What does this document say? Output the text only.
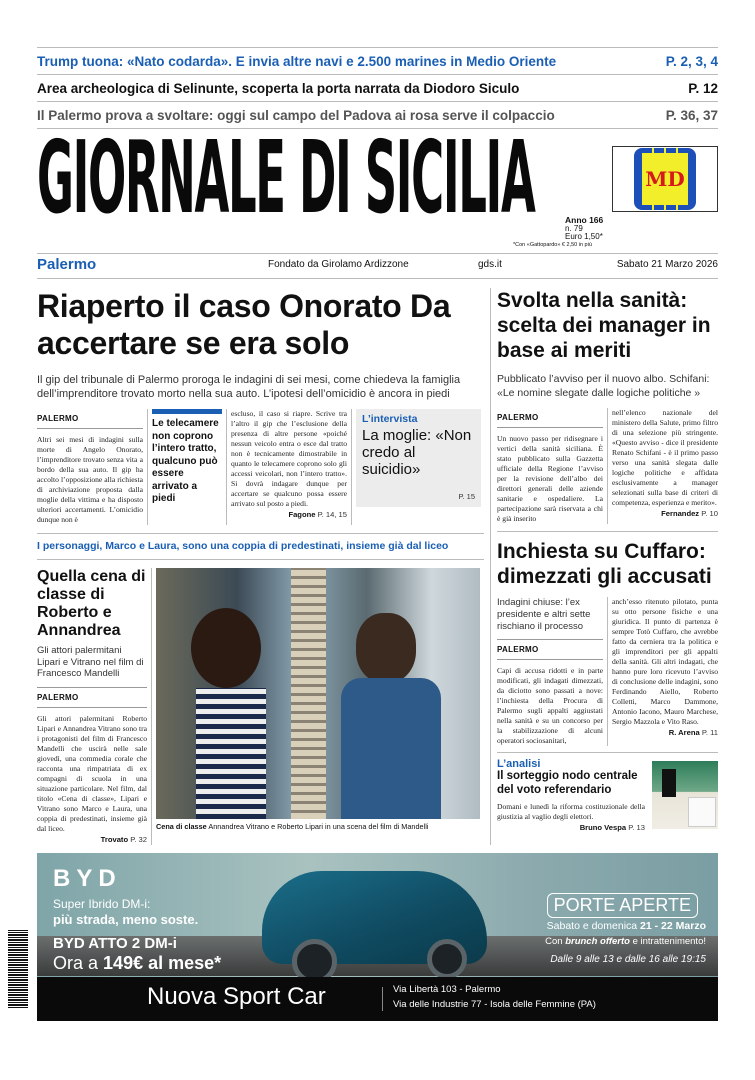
Trump tuona: «Nato codarda». E invia altre navi e 2.500 marines in Medio Oriente	P. 2, 3, 4
Area archeologica di Selinunte, scoperta la porta narrata da Diodoro Siculo	P. 12
Il Palermo prova a svoltare: oggi sul campo del Padova ai rosa serve il colpaccio	P. 36, 37
GIORNALE DI SICILIA	MD
Anno 166
n. 79
Euro 1,50*
*Con «Gattopardo» € 2,50 in più
Palermo	Fondato da Girolamo Ardizzone	gds.it	Sabato 21 Marzo 2026
Riaperto il caso Onorato Da accertare se era solo
Il gip del tribunale di Palermo proroga le indagini di sei mesi, come chiedeva la famiglia dell’imprenditore trovato morto nella sua auto. L’ipotesi dell’omicidio è ancora in piedi
PALERMO
Altri sei mesi di indagini sulla morte di Angelo Onorato, l’imprenditore trovato senza vita a bordo della sua auto. Il gip ha accolto l’opposizione alla richiesta di archiviazione proposta dalla moglie della vittima e ha disposto ulteriori accertamenti. L’omicidio dunque non è
Le telecamere non coprono l’intero tratto, qualcuno può essere arrivato a piedi
escluso, il caso si riapre. Scrive tra l’altro il gip che l’esclusione della presenza di altre persone «poiché nessun veicolo entra o esce dal tratto non è tecnicamente dimostrabile in quanto le telecamere coprono solo gli accessi veicolari, non l’intero tratto». Si dovrà indagare dunque per accertare se qualcuno possa essere arrivato sul posto a piedi.
Fagone P. 14, 15
L’intervista
La moglie: «Non credo al suicidio»
P. 15
I personaggi, Marco e Laura, sono una coppia di predestinati, insieme già dal liceo
Quella cena di classe di Roberto e Annandrea
Gli attori palermitani Lipari e Vitrano nel film di Francesco Mandelli
PALERMO
Gli attori palermitani Roberto Lipari e Annandrea Vitrano sono tra i protagonisti del film di Francesco Mandelli che uscirà nelle sale giovedì, una commedia corale che racconta una rimpatriata di ex compagni di scuola in una situazione particolare. Nel film, dal titolo «Cena di classe», Lipari e Vitrano sono Marco e Laura, una coppia di predestinati, insieme già dal liceo.
Trovato P. 32
Cena di classe Annandrea Vitrano e Roberto Lipari in una scena del film di Mandelli
Svolta nella sanità: scelta dei manager in base ai meriti
Pubblicato l’avviso per il nuovo albo. Schifani: «Le nomine slegate dalle logiche politiche »
PALERMO
Un nuovo passo per ridisegnare i vertici della sanità siciliana. È stato pubblicato sulla Gazzetta ufficiale della Regione l’avviso per la revisione dell’albo dei direttori generali delle aziende sanitarie e ospedaliere. La partecipazione sarà riservata a chi è già inserito
nell’elenco nazionale del ministero della Salute, primo filtro di una selezione più stringente. «Questo avviso - dice il presidente Renato Schifani - è il primo passo verso una sanità slegata dalle logiche politiche e affidata esclusivamente a manager selezionati sulla base di criteri di competenza, esperienza e merito».
Fernandez P. 10
Inchiesta su Cuffaro: dimezzati gli accusati
Indagini chiuse: l’ex presidente e altri sette rischiano il processo
PALERMO
Capi di accusa ridotti e in parte modificati, gli indagati dimezzati, da diciotto sono passati a nove: l’inchiesta della Procura di Palermo sugli appalti aggiustati nella sanità e su un concorso per la stabilizzazione di alcuni operatori sociosanitari,
anch’esso ritenuto pilotato, punta su otto persone fisiche e una giuridica. Il punto di partenza è sempre Totò Cuffaro, che avrebbe fatto da cerniera tra la politica e gli imprenditori per gli appalti della sanità. Gli altri indagati, che hanno pure loro ricevuto l’avviso di conclusione delle indagini, sono Ferdinando Aiello, Roberto Colletti, Marco Dammone, Antonio Iacono, Mauro Marchese, Sergio Mazzola e Vito Raso.
R. Arena P. 11
L’analisi
Il sorteggio nodo centrale del voto referendario
Domani e lunedì la riforma costituzionale della giustizia al vaglio degli elettori.
Bruno Vespa P. 13
BYD
Super Ibrido DM-i:
più strada, meno soste.
BYD ATTO 2 DM-i
Ora a 149€ al mese*
PORTE APERTE
Sabato e domenica 21 - 22 Marzo
Con brunch offerto e intrattenimento!
Dalle 9 alle 13 e dalle 16 alle 19:15
Nuova Sport Car	Via Libertà 103 - Palermo
Via delle Industrie 77 - Isola delle Femmine (PA)
